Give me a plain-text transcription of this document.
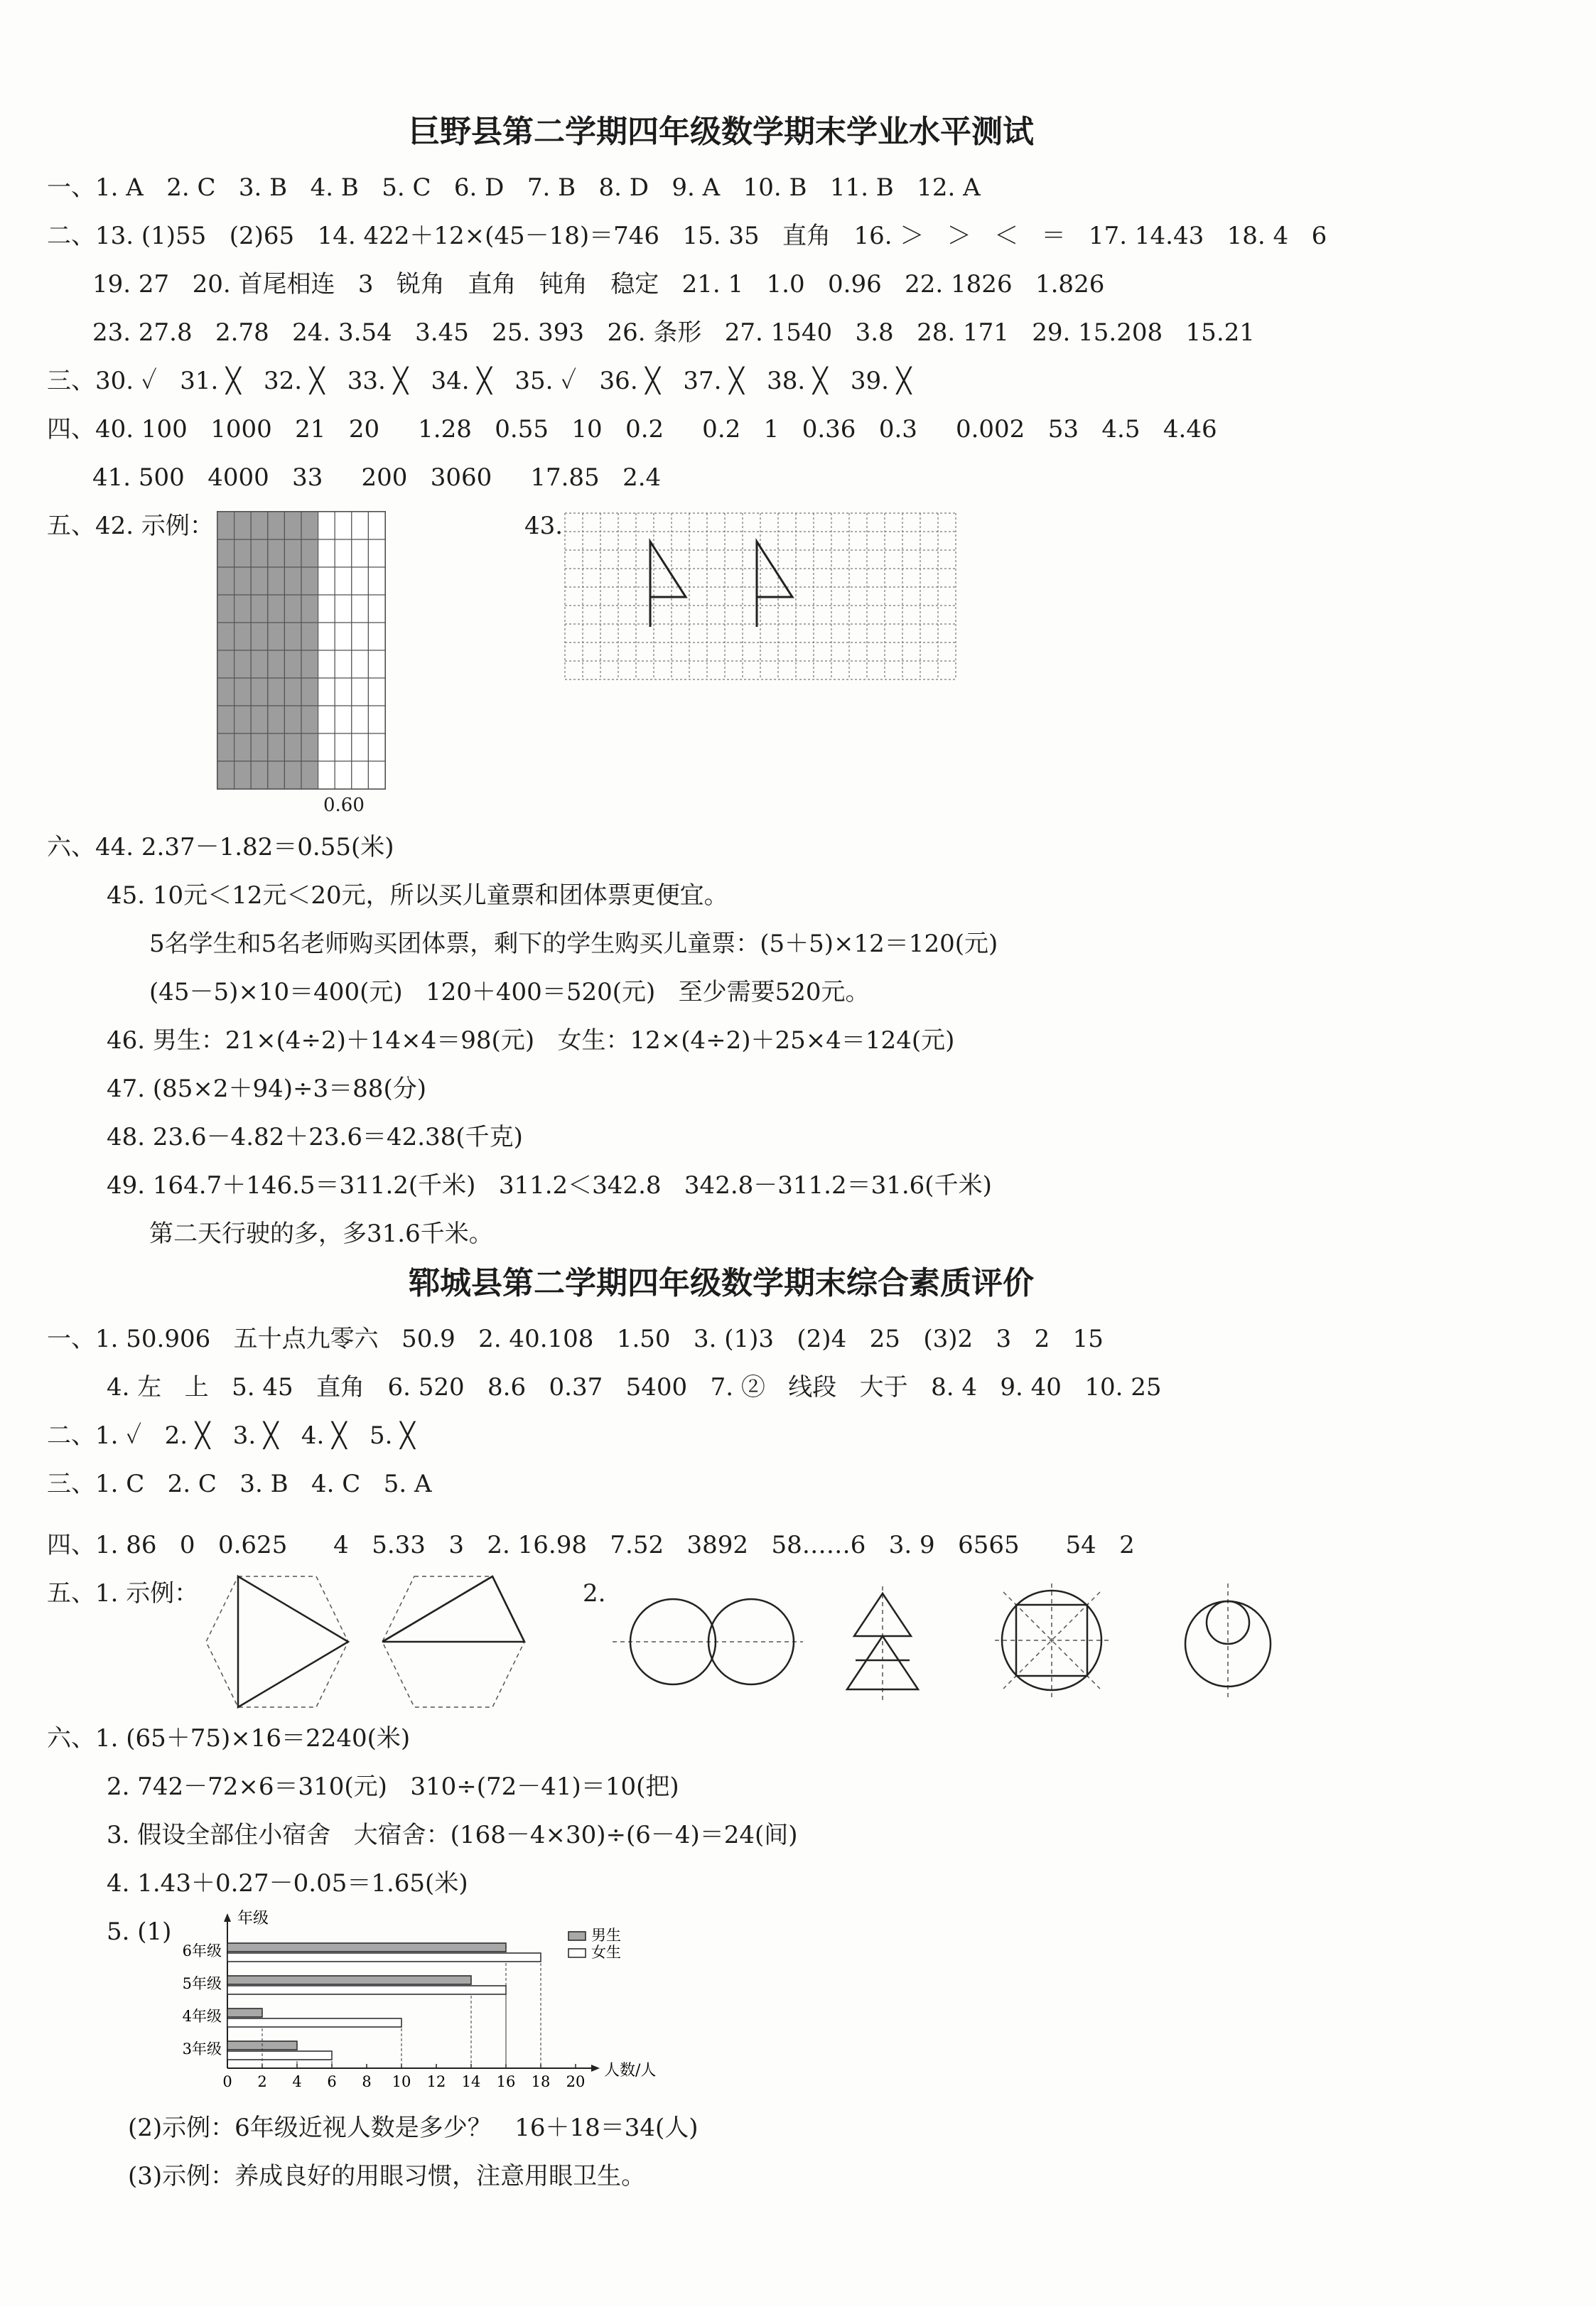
巨野县第二学期四年级数学期末学业水平测试
一、1. A   2. C   3. B   4. B   5. C   6. D   7. B   8. D   9. A   10. B   11. B   12. A
二、13. (1)55   (2)65   14. 422＋12×(45－18)＝746   15. 35   直角   16. ＞   ＞   ＜   ＝   17. 14.43   18. 4   6
19. 27   20. 首尾相连   3   锐角   直角   钝角   稳定   21. 1   1.0   0.96   22. 1826   1.826
23. 27.8   2.78   24. 3.54   3.45   25. 393   26. 条形   27. 1540   3.8   28. 171   29. 15.208   15.21
三、30. ✓   31. ╳   32. ╳   33. ╳   34. ╳   35. ✓   36. ╳   37. ╳   38. ╳   39. ╳
四、40. 100   1000   21   20     1.28   0.55   10   0.2     0.2   1   0.36   0.3     0.002   53   4.5   4.46
41. 500   4000   33     200   3060     17.85   2.4
五、42. 示例：
0.60
43.
六、44. 2.37－1.82＝0.55(米)
45. 10元＜12元＜20元，所以买儿童票和团体票更便宜。
5名学生和5名老师购买团体票，剩下的学生购买儿童票：(5＋5)×12＝120(元)
(45－5)×10＝400(元)   120＋400＝520(元)   至少需要520元。
46. 男生：21×(4÷2)＋14×4＝98(元)   女生：12×(4÷2)＋25×4＝124(元)
47. (85×2＋94)÷3＝88(分)
48. 23.6－4.82＋23.6＝42.38(千克)
49. 164.7＋146.5＝311.2(千米)   311.2＜342.8   342.8－311.2＝31.6(千米)
第二天行驶的多，多31.6千米。
郓城县第二学期四年级数学期末综合素质评价
一、1. 50.906   五十点九零六   50.9   2. 40.108   1.50   3. (1)3   (2)4   25   (3)2   3   2   15
4. 左   上   5. 45   直角   6. 520   8.6   0.37   5400   7. ②   线段   大于   8. 4   9. 40   10. 25
二、1. ✓   2. ╳   3. ╳   4. ╳   5. ╳
三、1. C   2. C   3. B   4. C   5. A
四、1. 86   0   0.625      4   5.33   3   2. 16.98   7.52   3892   58……6   3. 9   6565      54   2
五、1. 示例：	2.
六、1. (65＋75)×16＝2240(米)
2. 742－72×6＝310(元)   310÷(72－41)＝10(把)
3. 假设全部住小宿舍   大宿舍：(168－4×30)÷(6－4)＝24(间)
4. 1.43＋0.27－0.05＝1.65(米)
5. (1)	年级
人数/人
0 2 4 6 8 10 12 14 16 18 20
3年级
4年级
5年级
6年级
男生
女生
(2)示例：6年级近视人数是多少？   16＋18＝34(人)
(3)示例：养成良好的用眼习惯，注意用眼卫生。
